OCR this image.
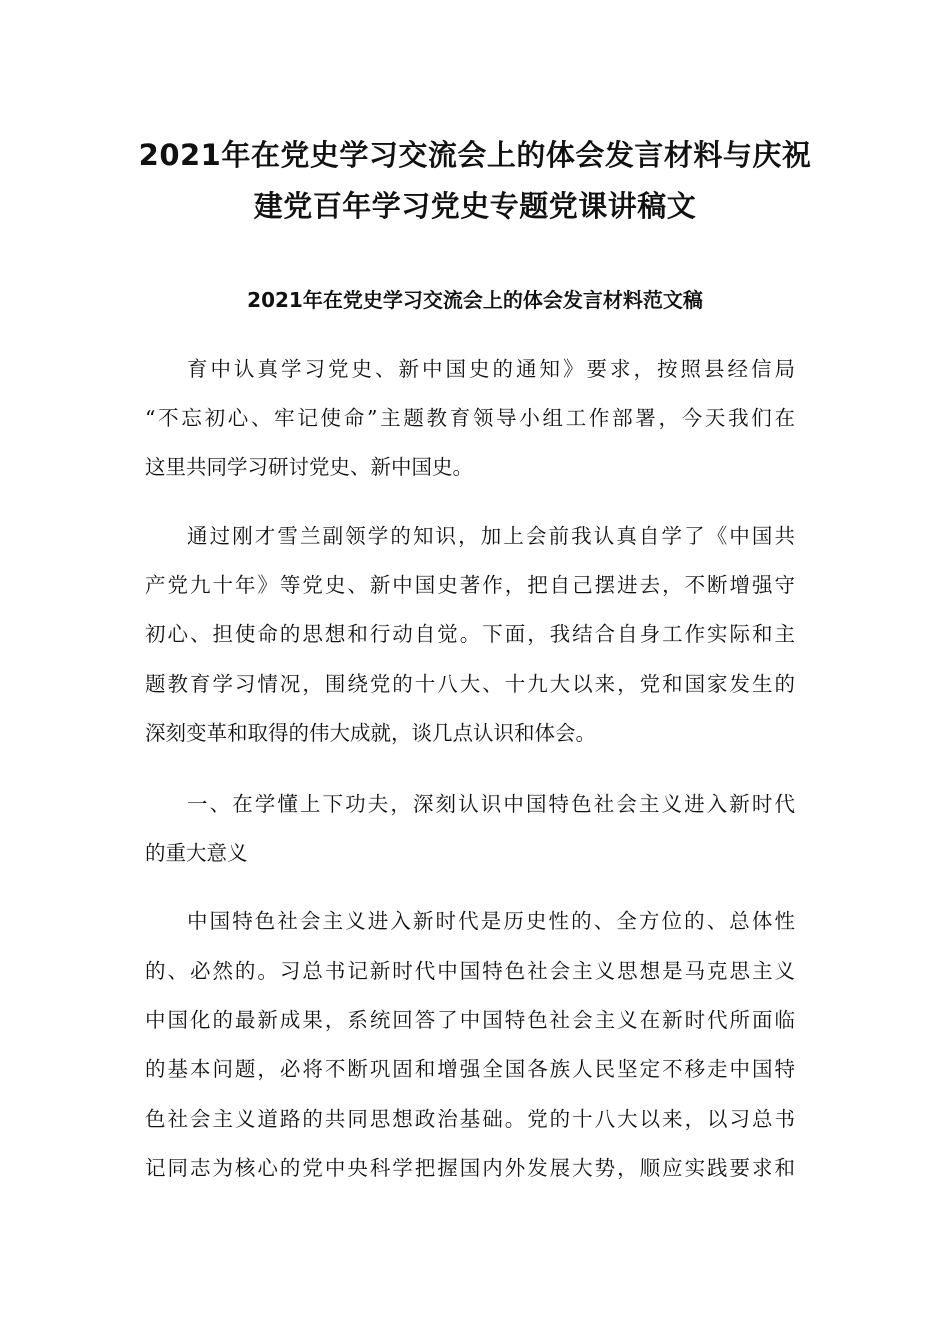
2021年在党史学习交流会上的体会发言材料与庆祝
建党百年学习党史专题党课讲稿文
2021年在党史学习交流会上的体会发言材料范文稿
育中认真学习党史、新中国史的通知》要求，按照县经信局
“不忘初心、牢记使命”主题教育领导小组工作部署，今天我们在
这里共同学习研讨党史、新中国史。
通过刚才雪兰副领学的知识，加上会前我认真自学了《中国共
产党九十年》等党史、新中国史著作，把自己摆进去，不断增强守
初心、担使命的思想和行动自觉。下面，我结合自身工作实际和主
题教育学习情况，围绕党的十八大、十九大以来，党和国家发生的
深刻变革和取得的伟大成就，谈几点认识和体会。
一、在学懂上下功夫，深刻认识中国特色社会主义进入新时代
的重大意义
中国特色社会主义进入新时代是历史性的、全方位的、总体性
的、必然的。习总书记新时代中国特色社会主义思想是马克思主义
中国化的最新成果，系统回答了中国特色社会主义在新时代所面临
的基本问题，必将不断巩固和增强全国各族人民坚定不移走中国特
色社会主义道路的共同思想政治基础。党的十八大以来，以习总书
记同志为核心的党中央科学把握国内外发展大势，顺应实践要求和
